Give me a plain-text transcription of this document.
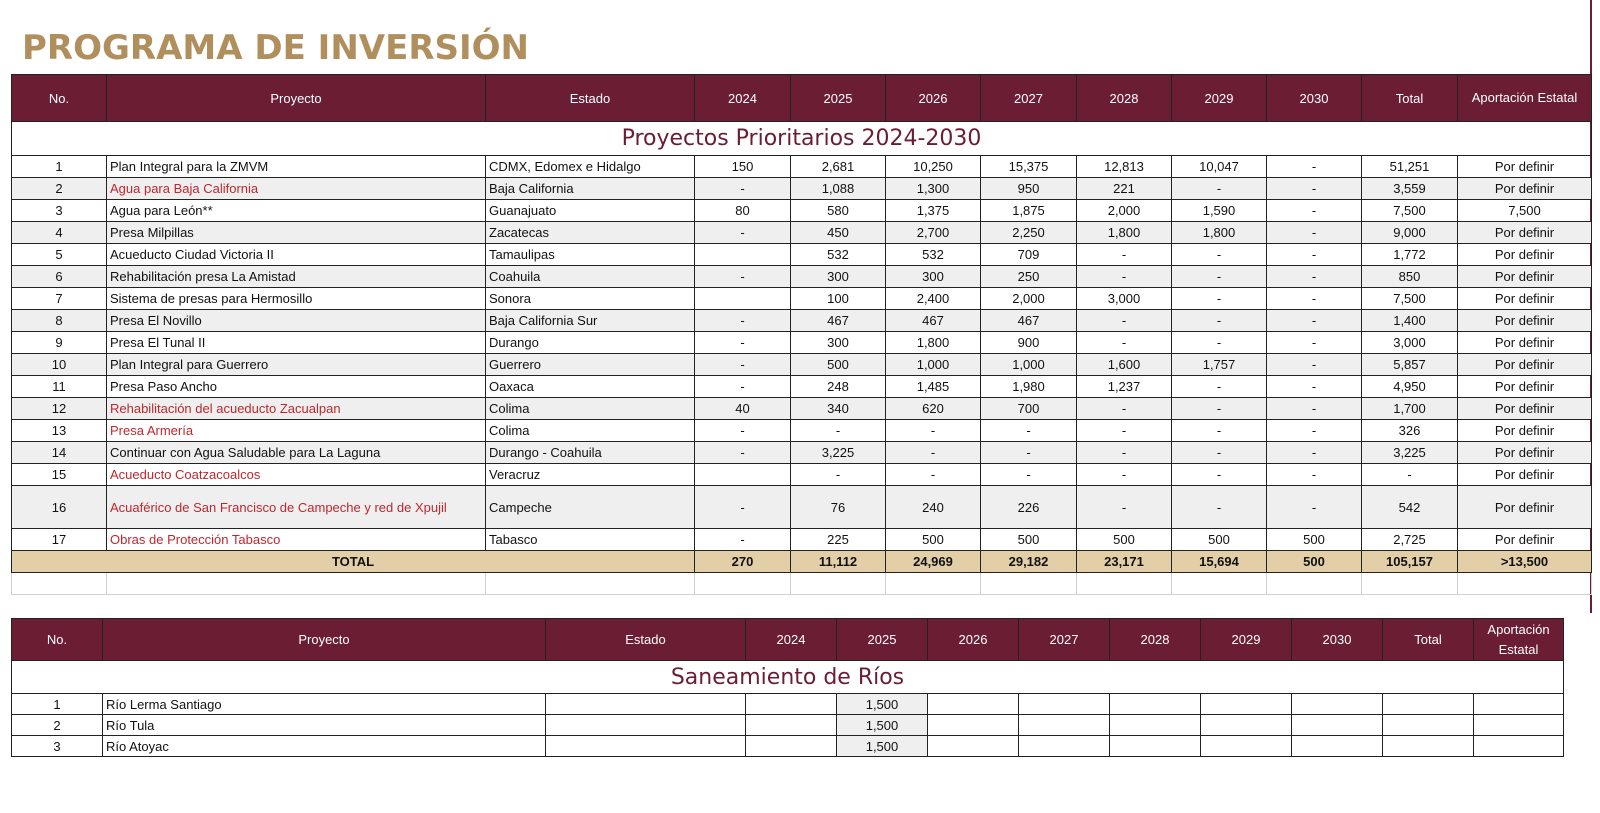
PROGRAMA DE INVERSIÓN
No.	Proyecto	Estado	2024	2025	2026	2027	2028	2029	2030	Total	Aportación Estatal
Proyectos Prioritarios 2024-2030											
1	Plan Integral para la ZMVM	CDMX, Edomex e Hidalgo	150	2,681	10,250	15,375	12,813	10,047	-	51,251	Por definir
2	Agua para Baja California	Baja California	-	1,088	1,300	950	221	-	-	3,559	Por definir
3	Agua para León**	Guanajuato	80	580	1,375	1,875	2,000	1,590	-	7,500	7,500
4	Presa Milpillas	Zacatecas	-	450	2,700	2,250	1,800	1,800	-	9,000	Por definir
5	Acueducto Ciudad Victoria II	Tamaulipas		532	532	709	-	-	-	1,772	Por definir
6	Rehabilitación presa La Amistad	Coahuila	-	300	300	250	-	-	-	850	Por definir
7	Sistema de presas para Hermosillo	Sonora		100	2,400	2,000	3,000	-	-	7,500	Por definir
8	Presa El Novillo	Baja California Sur	-	467	467	467	-	-	-	1,400	Por definir
9	Presa El Tunal II	Durango	-	300	1,800	900	-	-	-	3,000	Por definir
10	Plan Integral para Guerrero	Guerrero	-	500	1,000	1,000	1,600	1,757	-	5,857	Por definir
11	Presa Paso Ancho	Oaxaca	-	248	1,485	1,980	1,237	-	-	4,950	Por definir
12	Rehabilitación del acueducto Zacualpan	Colima	40	340	620	700	-	-	-	1,700	Por definir
13	Presa Armería	Colima	-	-	-	-	-	-	-	326	Por definir
14	Continuar con Agua Saludable para La Laguna	Durango - Coahuila	-	3,225	-	-	-	-	-	3,225	Por definir
15	Acueducto Coatzacoalcos	Veracruz		-	-	-	-	-	-	-	Por definir
16	Acuaférico de San Francisco de Campeche y red de Xpujil	Campeche	-	76	240	226	-	-	-	542	Por definir
17	Obras de Protección Tabasco	Tabasco	-	225	500	500	500	500	500	2,725	Por definir
TOTAL			270	11,112	24,969	29,182	23,171	15,694	500	105,157	>13,500

No.	Proyecto	Estado	2024	2025	2026	2027	2028	2029	2030	Total	Aportación Estatal
Saneamiento de Ríos											
1	Río Lerma Santiago			1,500							
2	Río Tula			1,500							
3	Río Atoyac			1,500							
